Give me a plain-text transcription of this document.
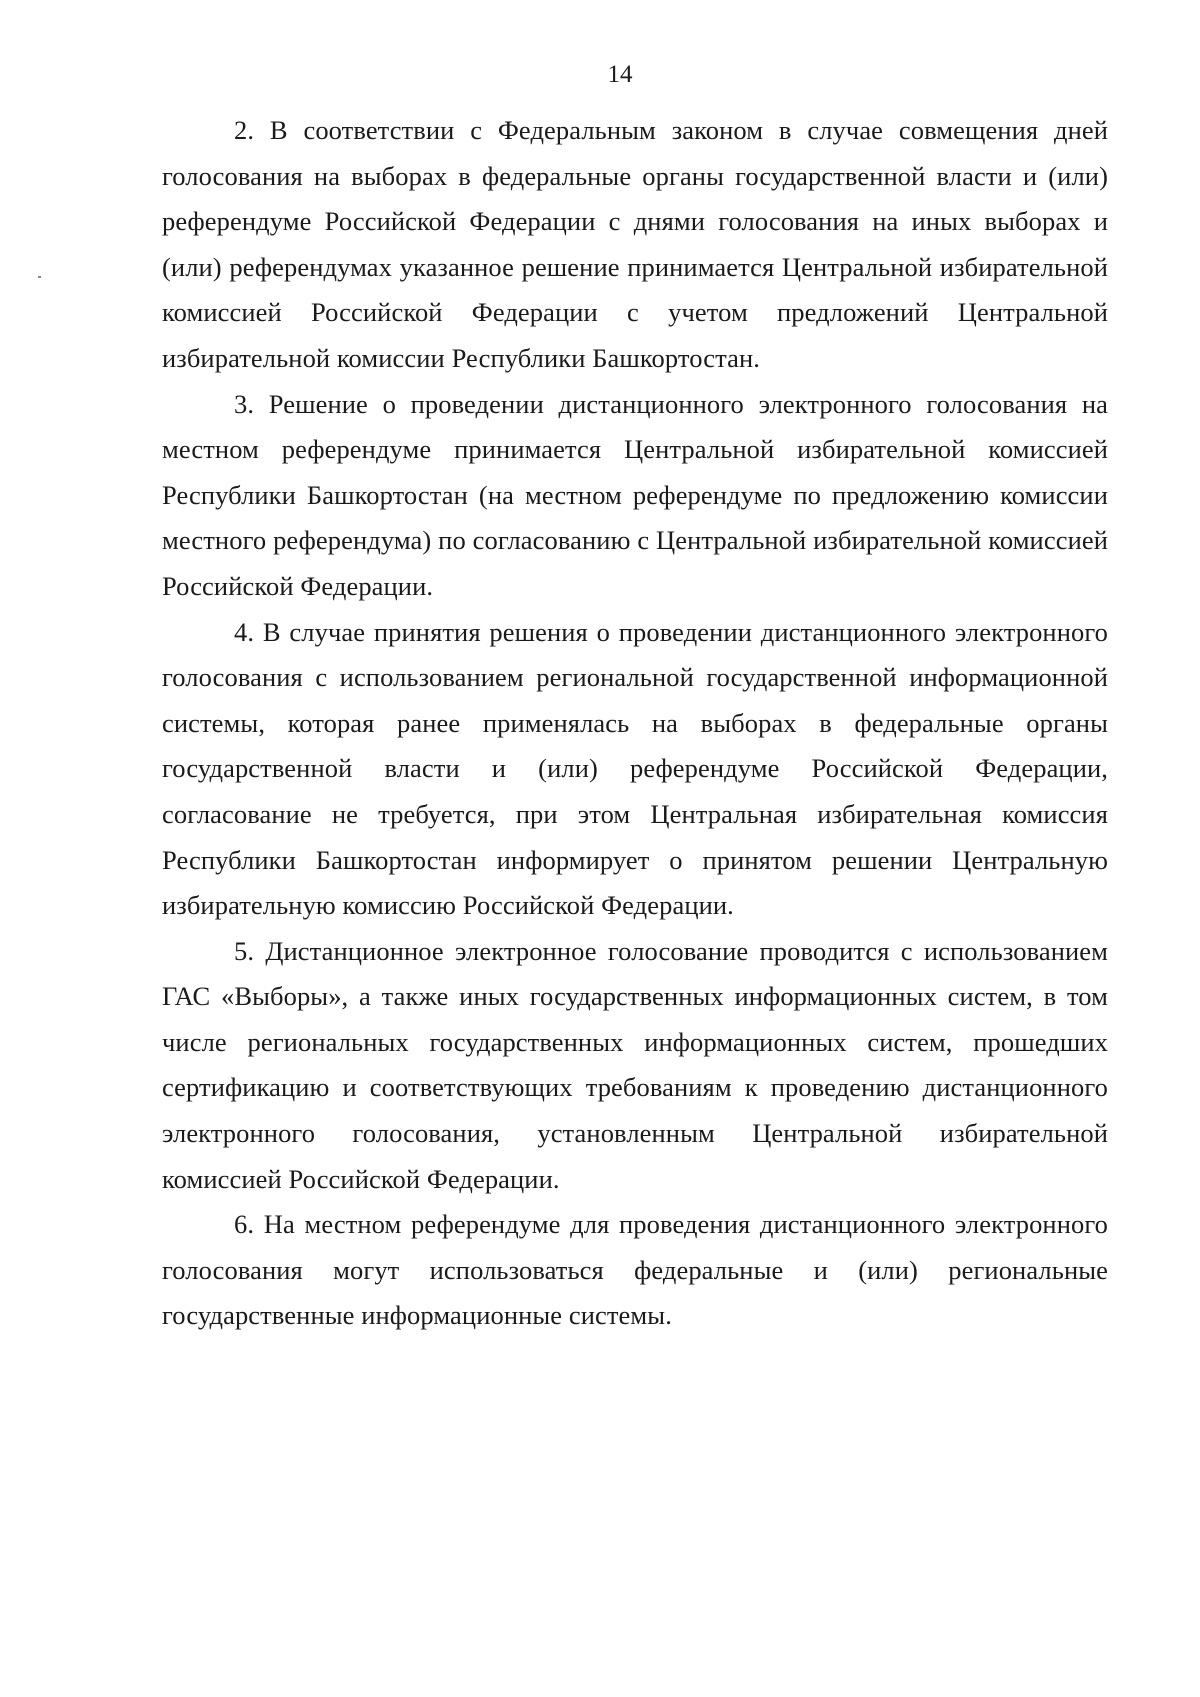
14

2. В соответствии с Федеральным законом в случае совмещения дней голосования на выборах в федеральные органы государственной власти и (или) референдуме Российской Федерации с днями голосования на иных выборах и (или) референдумах указанное решение принимается Центральной избирательной комиссией Российской Федерации с учетом предложений Центральной избирательной комиссии Республики Башкортостан.

3. Решение о проведении дистанционного электронного голосования на местном референдуме принимается Центральной избирательной комиссией Республики Башкортостан (на местном референдуме по предложению комиссии местного референдума) по согласованию с Центральной избирательной комиссией Российской Федерации.

4. В случае принятия решения о проведении дистанционного электронного голосования с использованием региональной государственной информационной системы, которая ранее применялась на выборах в федеральные органы государственной власти и (или) референдуме Российской Федерации, согласование не требуется, при этом Центральная избирательная комиссия Республики Башкортостан информирует о принятом решении Центральную избирательную комиссию Российской Федерации.

5. Дистанционное электронное голосование проводится с использованием ГАС «Выборы», а также иных государственных информационных систем, в том числе региональных государственных информационных систем, прошедших сертификацию и соответствующих требованиям к проведению дистанционного электронного голосования, установленным Центральной избирательной комиссией Российской Федерации.

6. На местном референдуме для проведения дистанционного электронного голосования могут использоваться федеральные и (или) региональные государственные информационные системы.
